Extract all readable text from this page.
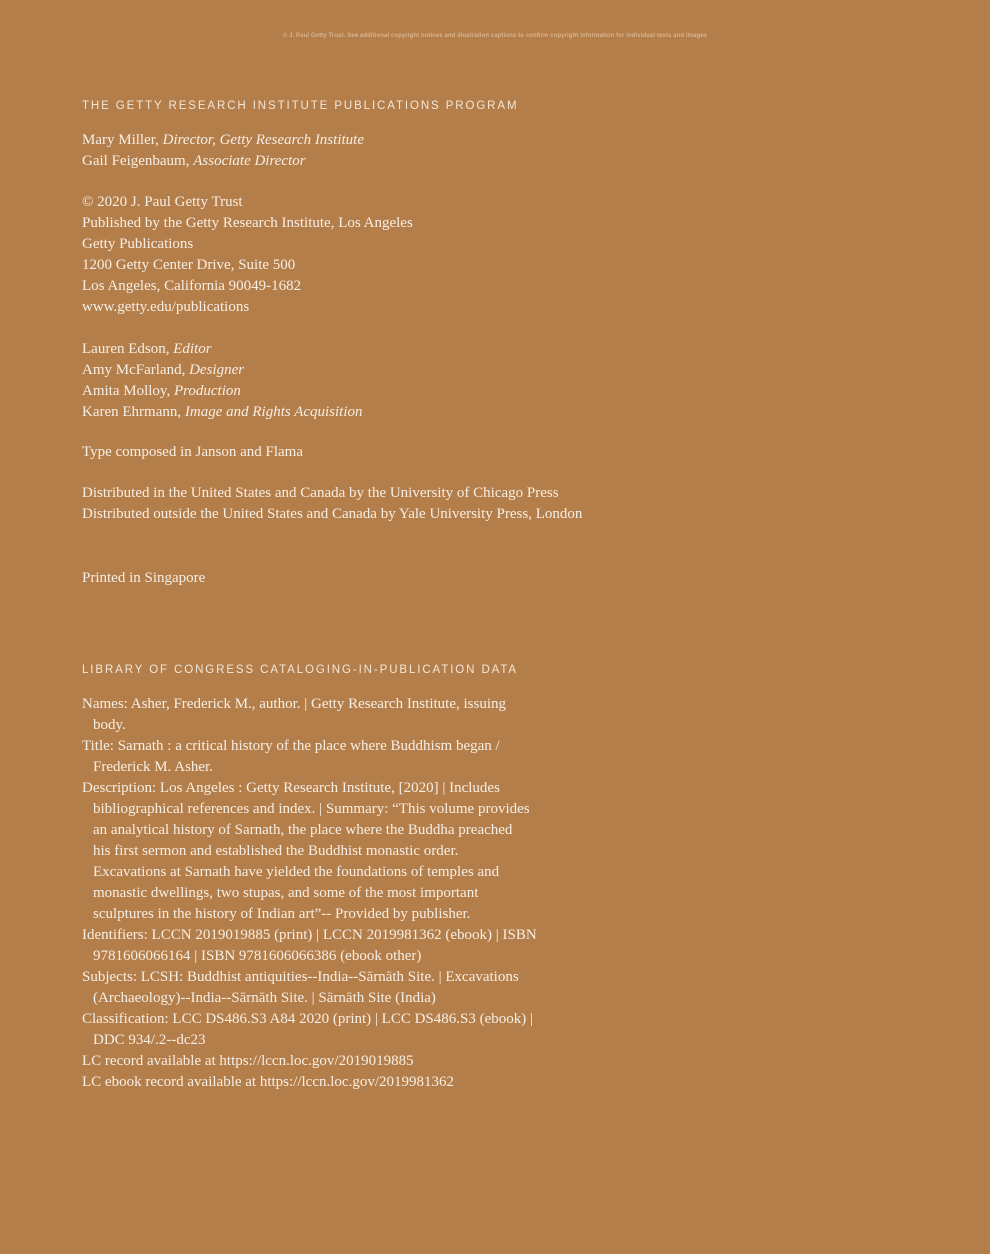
© J. Paul Getty Trust. See additional copyright notices and illustration captions to confirm copyright information for individual texts and images
THE GETTY RESEARCH INSTITUTE PUBLICATIONS PROGRAM
Mary Miller, Director, Getty Research Institute
Gail Feigenbaum, Associate Director
© 2020 J. Paul Getty Trust
Published by the Getty Research Institute, Los Angeles
Getty Publications
1200 Getty Center Drive, Suite 500
Los Angeles, California 90049-1682
www.getty.edu/publications
Lauren Edson, Editor
Amy McFarland, Designer
Amita Molloy, Production
Karen Ehrmann, Image and Rights Acquisition
Type composed in Janson and Flama
Distributed in the United States and Canada by the University of Chicago Press
Distributed outside the United States and Canada by Yale University Press, London
Printed in Singapore
LIBRARY OF CONGRESS CATALOGING-IN-PUBLICATION DATA
Names: Asher, Frederick M., author. | Getty Research Institute, issuing
body.
Title: Sarnath : a critical history of the place where Buddhism began /
Frederick M. Asher.
Description: Los Angeles : Getty Research Institute, [2020] | Includes
bibliographical references and index. | Summary: “This volume provides
an analytical history of Sarnath, the place where the Buddha preached
his first sermon and established the Buddhist monastic order.
Excavations at Sarnath have yielded the foundations of temples and
monastic dwellings, two stupas, and some of the most important
sculptures in the history of Indian art”-- Provided by publisher.
Identifiers: LCCN 2019019885 (print) | LCCN 2019981362 (ebook) | ISBN
9781606066164 | ISBN 9781606066386 (ebook other)
Subjects: LCSH: Buddhist antiquities--India--Sārnāth Site. | Excavations
(Archaeology)--India--Sārnāth Site. | Sārnāth Site (India)
Classification: LCC DS486.S3 A84 2020 (print) | LCC DS486.S3 (ebook) |
DDC 934/.2--dc23
LC record available at https://lccn.loc.gov/2019019885
LC ebook record available at https://lccn.loc.gov/2019981362
